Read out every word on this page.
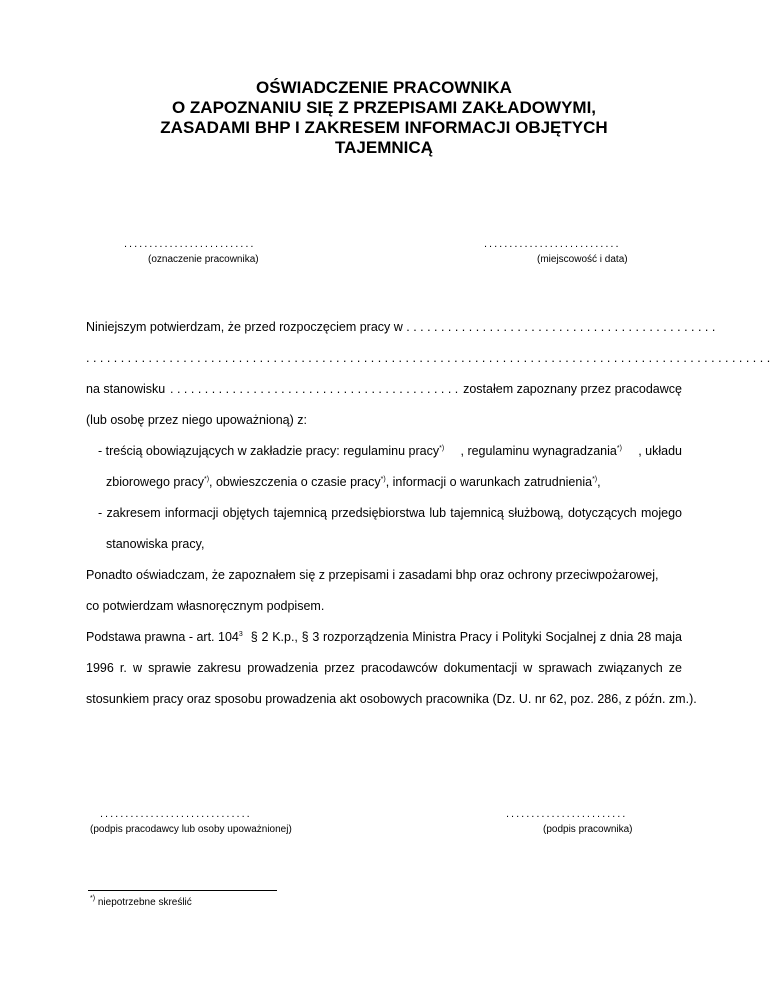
OŚWIADCZENIE PRACOWNIKA
O ZAPOZNANIU SIĘ Z PRZEPISAMI ZAKŁADOWYMI,
ZASADAMI BHP I ZAKRESEM INFORMACJI OBJĘTYCH
TAJEMNICĄ
..........................
(oznaczenie pracownika)
...........................
(miejscowość i data)
Niniejszym potwierdzam, że przed rozpoczęciem pracy w . . . . . . . . . . . . . . . . . . . . . . . . . . . . . . . . . . . . . . . . . . . . .
. . . . . . . . . . . . . . . . . . . . . . . . . . . . . . . . . . . . . . . . . . . . . . . . . . . . . . . . . . . . . . . . . . . . . . . . . . . . . . . . . . . . . . . . . . . . . . . . . . .
na stanowisku . . . . . . . . . . . . . . . . . . . . . . . . . . . . . . . . . . . . . . . . . . zostałem zapoznany przez pracodawcę
(lub osobę przez niego upoważnioną) z:
- treścią obowiązujących w zakładzie pracy: regulaminu pracy*) , regulaminu wynagradzania*) , układu
zbiorowego pracy*), obwieszczenia o czasie pracy*), informacji o warunkach zatrudnienia*),
- zakresem informacji objętych tajemnicą przedsiębiorstwa lub tajemnicą służbową, dotyczących mojego
stanowiska pracy,
Ponadto oświadczam, że zapoznałem się z przepisami i zasadami bhp oraz ochrony przeciwpożarowej,
co potwierdzam własnoręcznym podpisem.
Podstawa prawna - art. $104^3$ § 2 K.p., § 3 rozporządzenia Ministra Pracy i Polityki Socjalnej z dnia 28 maja
1996 r. w sprawie zakresu prowadzenia przez pracodawców dokumentacji w sprawach związanych ze
stosunkiem pracy oraz sposobu prowadzenia akt osobowych pracownika (Dz. U. nr 62, poz. 286, z późn. zm.).
..............................
(podpis pracodawcy lub osoby upoważnionej)
........................
(podpis pracownika)
*) niepotrzebne skreślić
